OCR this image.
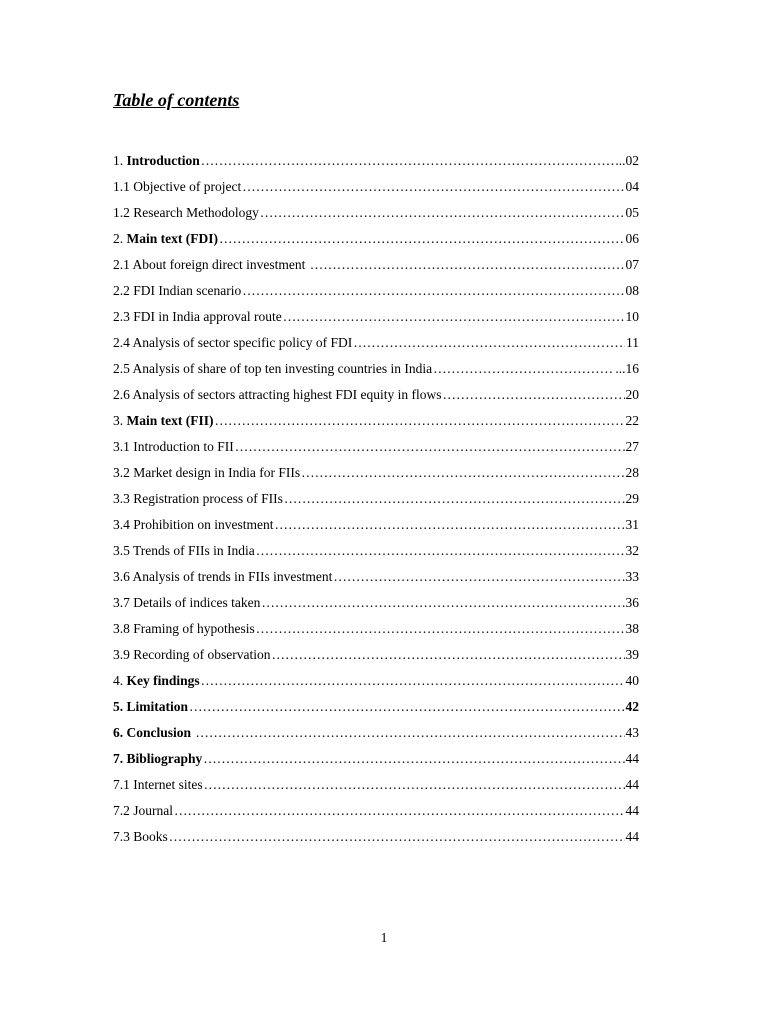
Table of contents
1. Introduction …………………………………………………………………………………………………………………………………………………………………………………	...02
1.1 Objective of project …………………………………………………………………………………………………………………………………………………………………………………	04
1.2 Research Methodology …………………………………………………………………………………………………………………………………………………………………………………	05
2. Main text (FDI) …………………………………………………………………………………………………………………………………………………………………………………	06
2.1 About foreign direct investment …………………………………………………………………………………………………………………………………………………………………………………	07
2.2 FDI Indian scenario …………………………………………………………………………………………………………………………………………………………………………………	08
2.3 FDI in India approval route …………………………………………………………………………………………………………………………………………………………………………………	10
2.4 Analysis of sector specific policy of FDI …………………………………………………………………………………………………………………………………………………………………………………	11
2.5 Analysis of share of top ten investing countries in India …………………………………………………………………………………………………………………………………………………………………………………	...16
2.6 Analysis of sectors attracting highest FDI equity in flows …………………………………………………………………………………………………………………………………………………………………………………	20
3. Main text (FII) …………………………………………………………………………………………………………………………………………………………………………………	22
3.1 Introduction to FII …………………………………………………………………………………………………………………………………………………………………………………	27
3.2 Market design in India for FIIs …………………………………………………………………………………………………………………………………………………………………………………	28
3.3 Registration process of FIIs …………………………………………………………………………………………………………………………………………………………………………………	29
3.4 Prohibition on investment …………………………………………………………………………………………………………………………………………………………………………………	31
3.5 Trends of FIIs in India …………………………………………………………………………………………………………………………………………………………………………………	32
3.6 Analysis of trends in FIIs investment …………………………………………………………………………………………………………………………………………………………………………………	33
3.7 Details of indices taken …………………………………………………………………………………………………………………………………………………………………………………	36
3.8 Framing of hypothesis …………………………………………………………………………………………………………………………………………………………………………………	38
3.9 Recording of observation …………………………………………………………………………………………………………………………………………………………………………………	39
4. Key findings …………………………………………………………………………………………………………………………………………………………………………………	40
5. Limitation …………………………………………………………………………………………………………………………………………………………………………………	42
6. Conclusion …………………………………………………………………………………………………………………………………………………………………………………	43
7. Bibliography …………………………………………………………………………………………………………………………………………………………………………………	44
7.1 Internet sites …………………………………………………………………………………………………………………………………………………………………………………	44
7.2 Journal …………………………………………………………………………………………………………………………………………………………………………………	44
7.3 Books …………………………………………………………………………………………………………………………………………………………………………………	44
1
